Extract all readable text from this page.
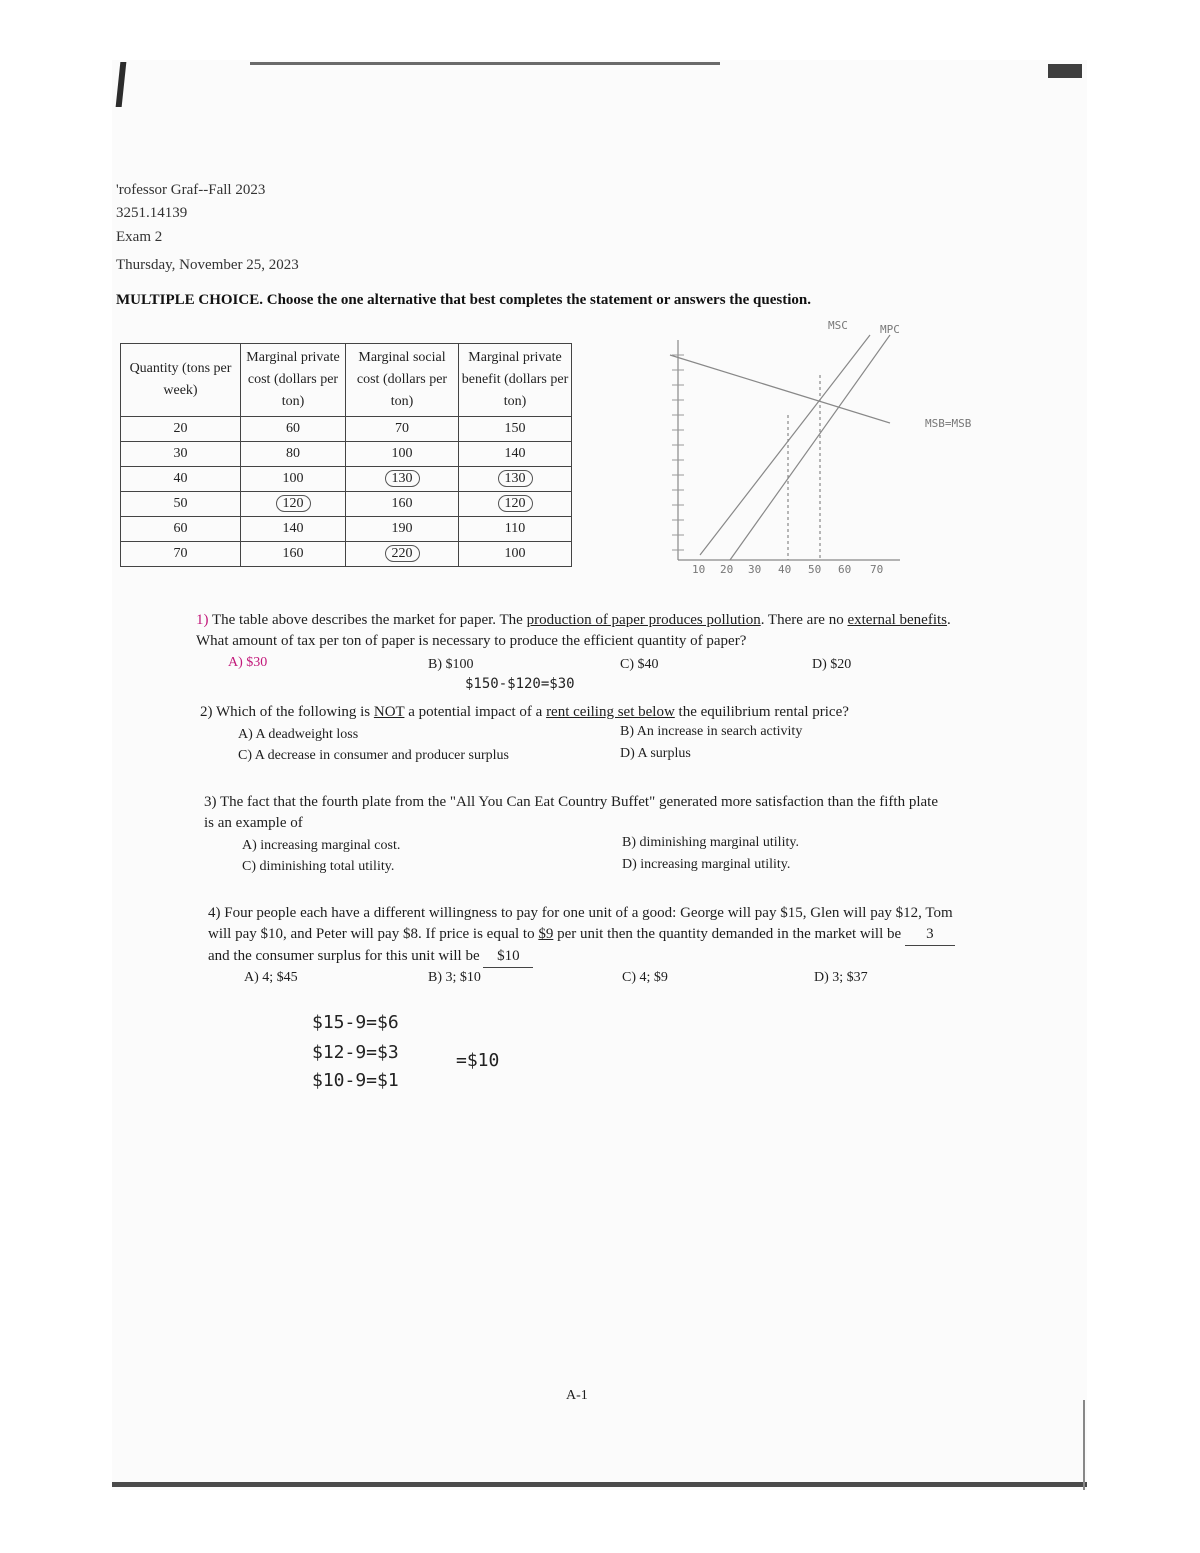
'rofessor Graf--Fall 2023
3251.14139
Exam 2
Thursday, November 25, 2023
MULTIPLE CHOICE. Choose the one alternative that best completes the statement or answers the question.
Quantity (tons per week)	Marginal private cost (dollars per ton)	Marginal social cost (dollars per ton)	Marginal private benefit (dollars per ton)
20	60	70	150
30	80	100	140
40	100	130	130
50	120	160	120
60	140	190	110
70	160	220	100
10 20 30 40 50 60 70
MSC	MPC
MSB=MSB
1) The table above describes the market for paper. The production of paper produces pollution. There are no external benefits. What amount of tax per ton of paper is necessary to produce the efficient quantity of paper?
A) $30	B) $100	C) $40	D) $20
$150-$120=$30
2) Which of the following is NOT a potential impact of a rent ceiling set below the equilibrium rental price?
A) A deadweight loss	B) An increase in search activity
C) A decrease in consumer and producer surplus	D) A surplus
3) The fact that the fourth plate from the "All You Can Eat Country Buffet" generated more satisfaction than the fifth plate is an example of
A) increasing marginal cost.	B) diminishing marginal utility.
C) diminishing total utility.	D) increasing marginal utility.
4) Four people each have a different willingness to pay for one unit of a good: George will pay $15, Glen will pay $12, Tom will pay $10, and Peter will pay $8. If price is equal to $9 per unit then the quantity demanded in the market will be 3 and the consumer surplus for this unit will be $10
A) 4; $45	B) 3; $10	C) 4; $9	D) 3; $37
$15-9=$6
$12-9=$3
$10-9=$1
=$10
A-1
